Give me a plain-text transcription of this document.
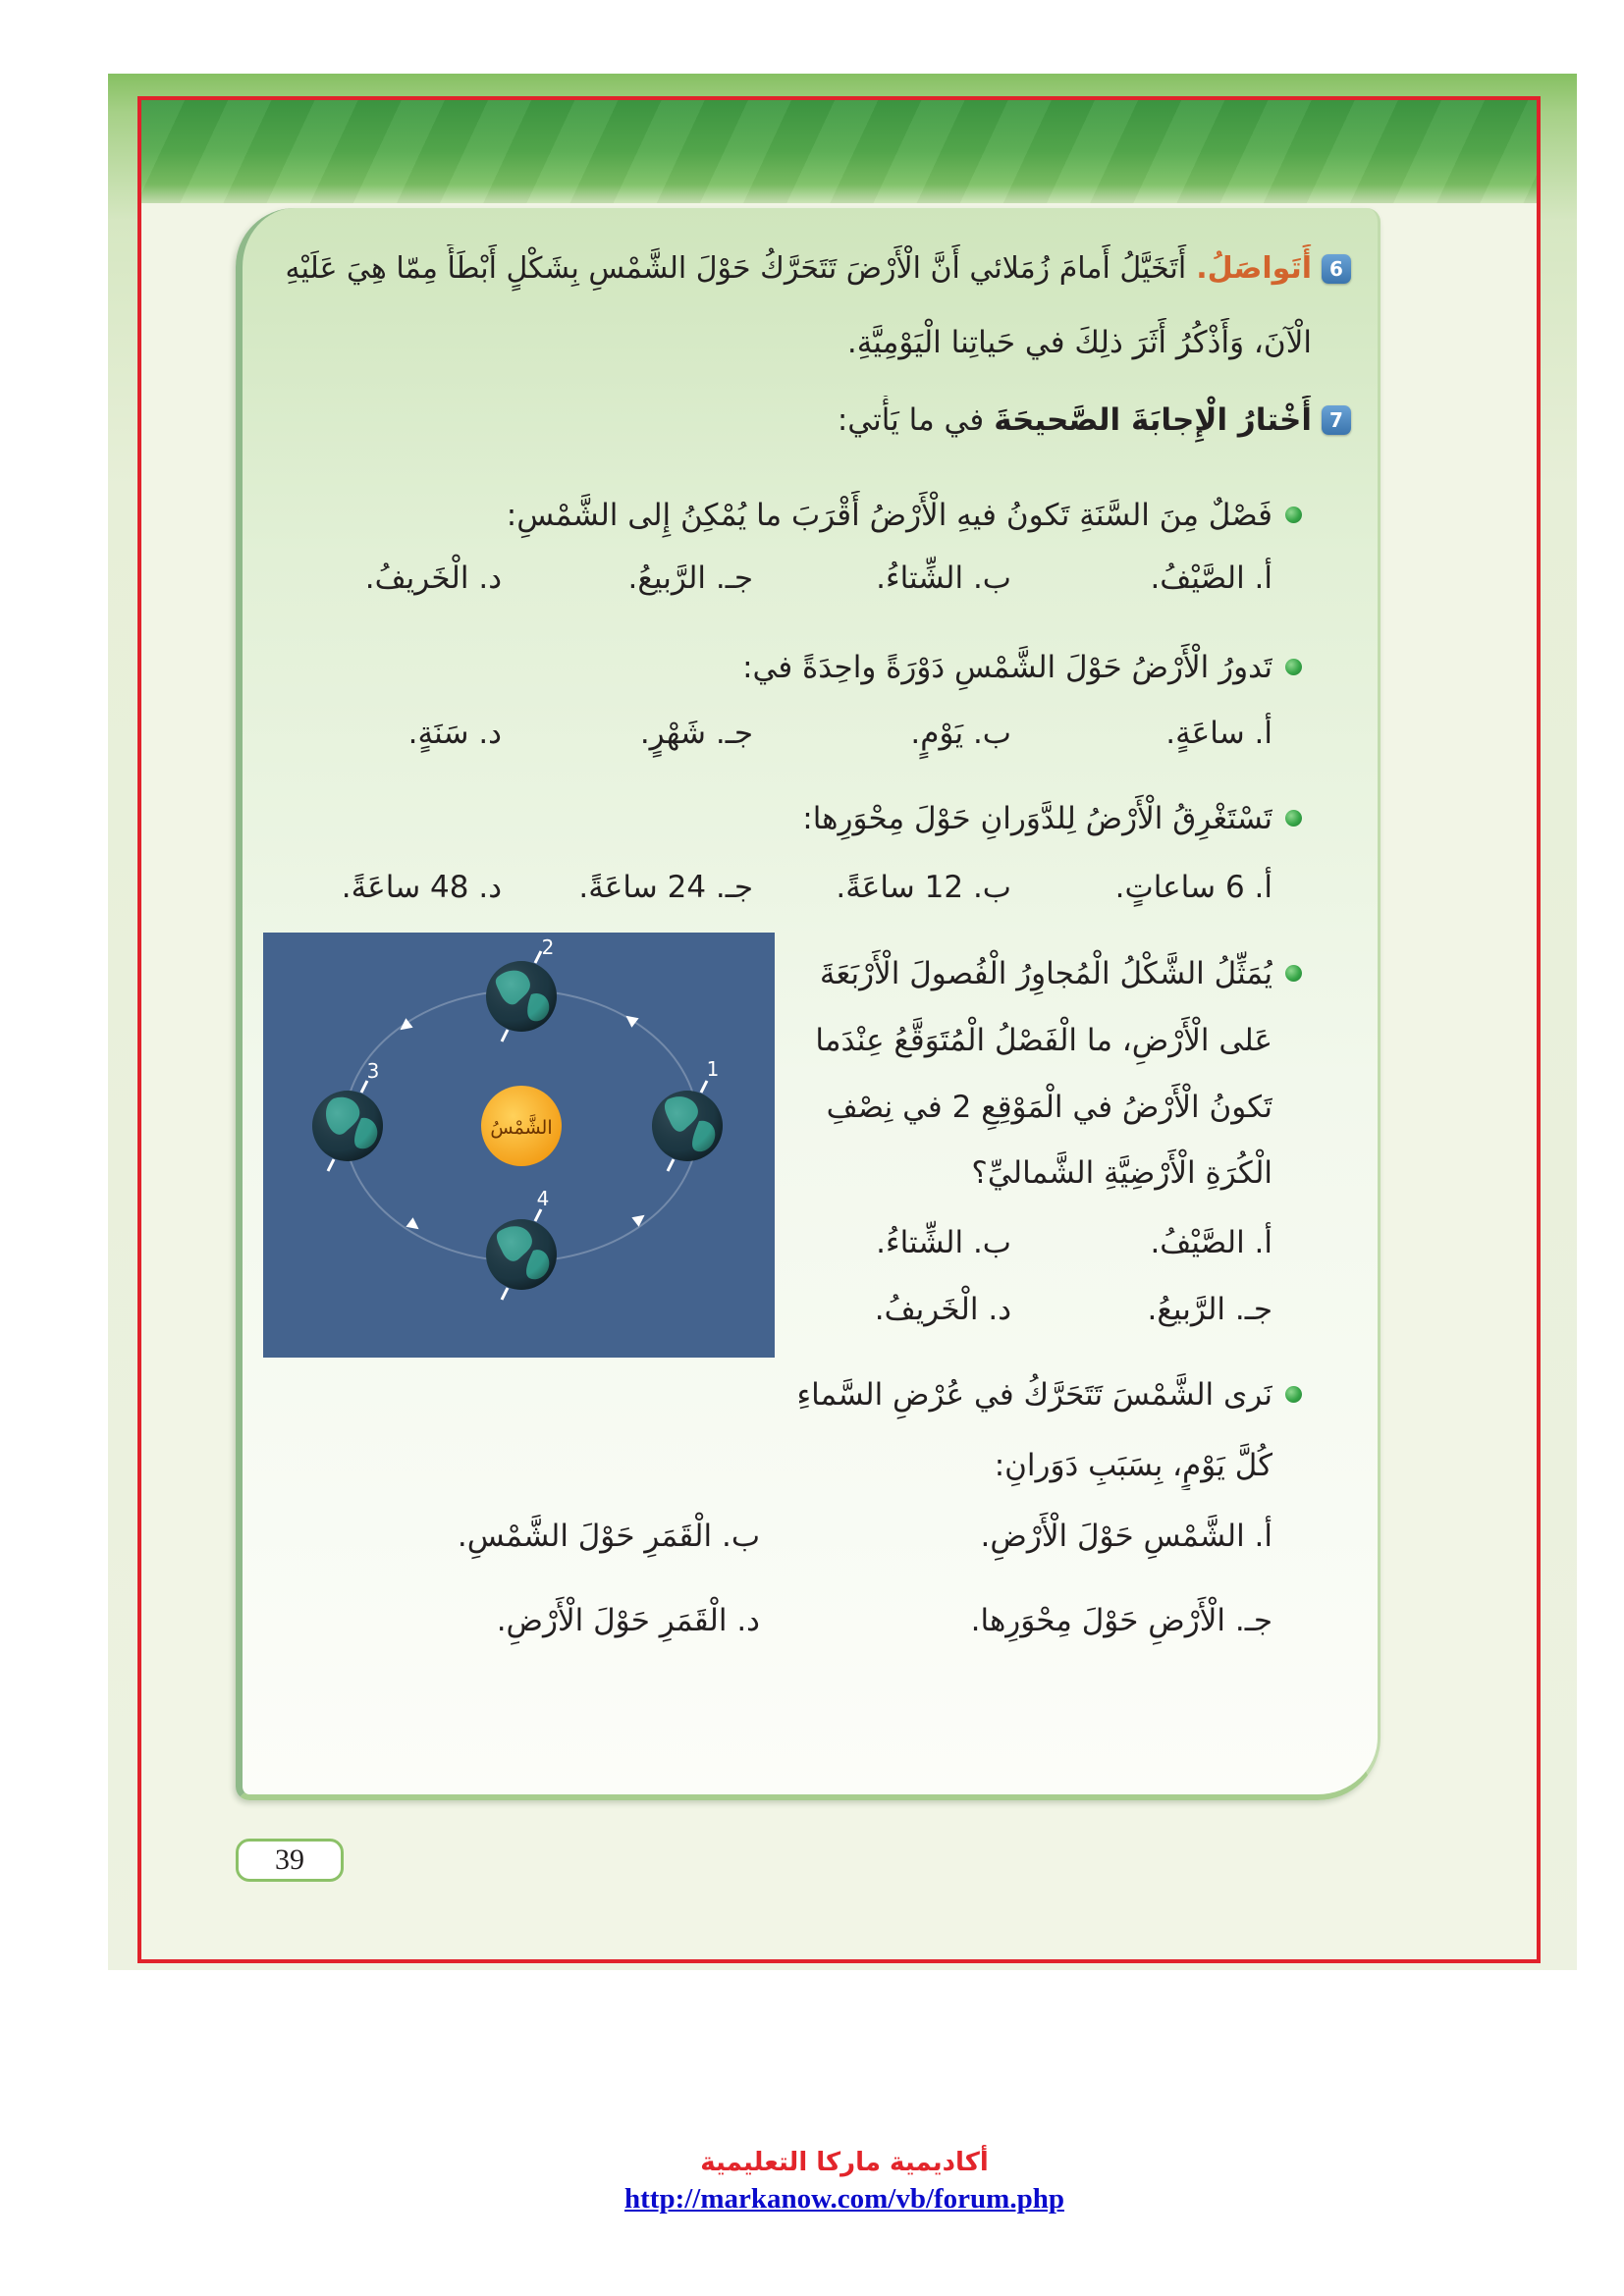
6
أَتَواصَلُ.أَتَخَيَّلُ أَمامَ زُمَلائي أَنَّ الْأَرْضَ تَتَحَرَّكُ حَوْلَ الشَّمْسِ بِشَكْلٍ أَبْطَأَ مِمّا هِيَ عَلَيْهِ
الْآنَ، وَأَذْكُرُ أَثَرَ ذلِكَ في حَياتِنا الْيَوْمِيَّةِ.
7
أَخْتارُ الْإِجابَةَ الصَّحيحَةَفي ما يَأْتي:
فَصْلٌ مِنَ السَّنَةِ تَكونُ فيهِ الْأَرْضُ أَقْرَبَ ما يُمْكِنُ إِلى الشَّمْسِ:
أ. الصَّيْفُ.
ب. الشِّتاءُ.
جـ. الرَّبيعُ.
د. الْخَريفُ.
تَدورُ الْأَرْضُ حَوْلَ الشَّمْسِ دَوْرَةً واحِدَةً في:
أ. ساعَةٍ.
ب. يَوْمٍ.
جـ. شَهْرٍ.
د. سَنَةٍ.
تَسْتَغْرِقُ الْأَرْضُ لِلدَّوَرانِ حَوْلَ مِحْوَرِها:
أ. 6 ساعاتٍ.
ب. 12 ساعَةً.
جـ. 24 ساعَةً.
د. 48 ساعَةً.
يُمَثِّلُ الشَّكْلُ الْمُجاوِرُ الْفُصولَ الْأَرْبَعَةَ
عَلى الْأَرْضِ، ما الْفَصْلُ الْمُتَوَقَّعُ عِنْدَما
تَكونُ الْأَرْضُ في الْمَوْقِعِ 2 في نِصْفِ
الْكُرَةِ الْأَرْضِيَّةِ الشَّماليِّ؟
أ. الصَّيْفُ.
ب. الشِّتاءُ.
جـ. الرَّبيعُ.
د. الْخَريفُ.
الشَّمْسُ
1
2
3
4
نَرى الشَّمْسَ تَتَحَرَّكُ في عُرْضِ السَّماءِ
كُلَّ يَوْمٍ، بِسَبَبِ دَوَرانِ:
أ. الشَّمْسِ حَوْلَ الْأَرْضِ.
ب. الْقَمَرِ حَوْلَ الشَّمْسِ.
جـ. الْأَرْضِ حَوْلَ مِحْوَرِها.
د. الْقَمَرِ حَوْلَ الْأَرْضِ.
39
أكاديمية ماركا التعليمية
http://markanow.com/vb/forum.php
